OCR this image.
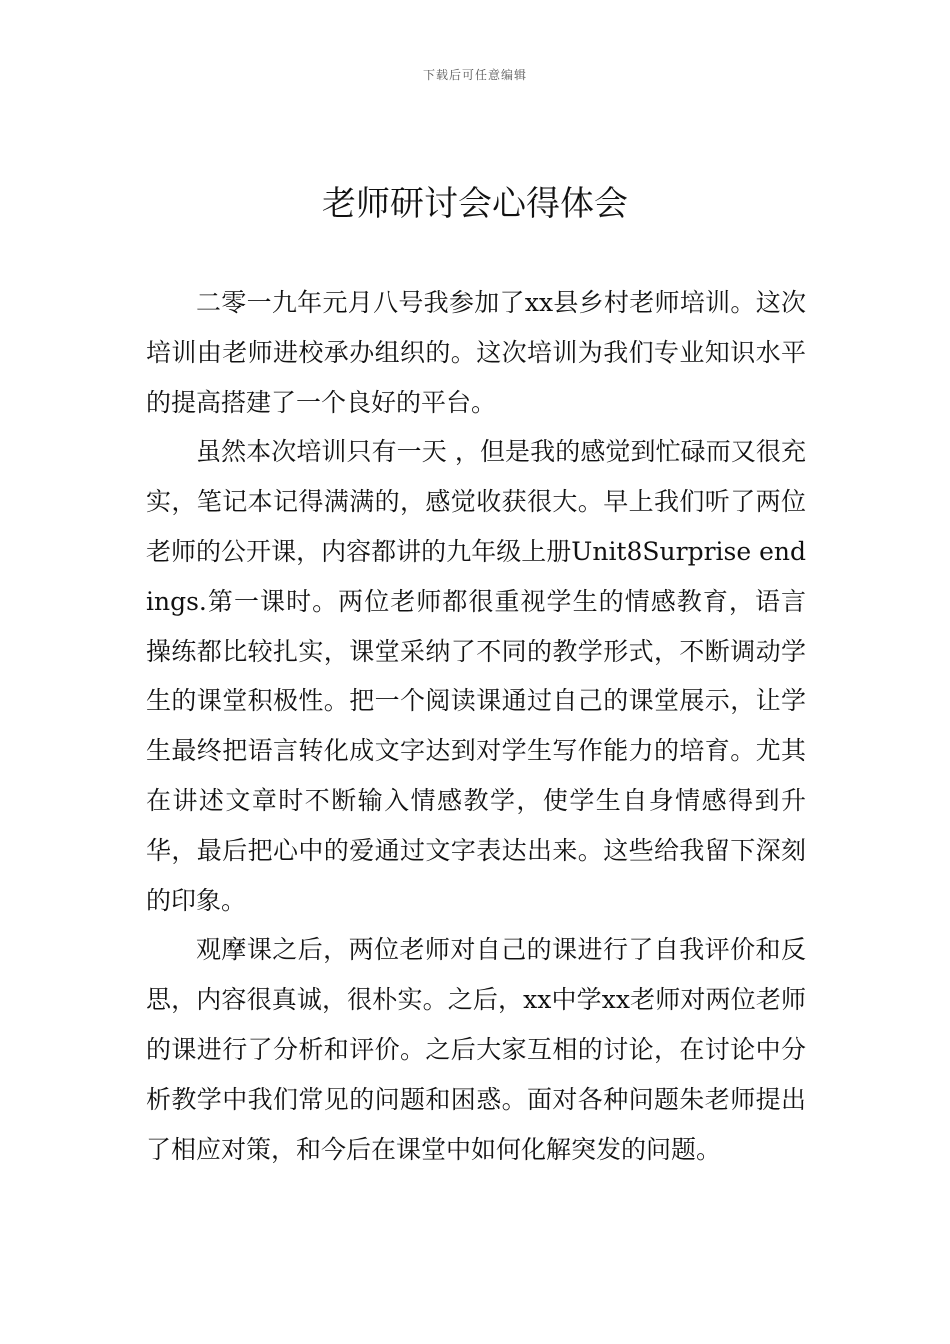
下载后可任意编辑
老师研讨会心得体会

二零一九年元月八号我参加了xx县乡村老师培训。这次培训由老师进校承办组织的。这次培训为我们专业知识水平的提高搭建了一个良好的平台。

虽然本次培训只有一天 ，但是我的感觉到忙碌而又很充实，笔记本记得满满的，感觉收获很大。早上我们听了两位老师的公开课，内容都讲的九年级上册Unit8Surprise endings.第一课时。两位老师都很重视学生的情感教育，语言操练都比较扎实，课堂采纳了不同的教学形式，不断调动学生的课堂积极性。把一个阅读课通过自己的课堂展示，让学生最终把语言转化成文字达到对学生写作能力的培育。尤其在讲述文章时不断输入情感教学，使学生自身情感得到升华，最后把心中的爱通过文字表达出来。这些给我留下深刻的印象。

观摩课之后，两位老师对自己的课进行了自我评价和反思，内容很真诚，很朴实。之后，xx中学xx老师对两位老师的课进行了分析和评价。之后大家互相的讨论，在讨论中分析教学中我们常见的问题和困惑。面对各种问题朱老师提出了相应对策，和今后在课堂中如何化解突发的问题。
